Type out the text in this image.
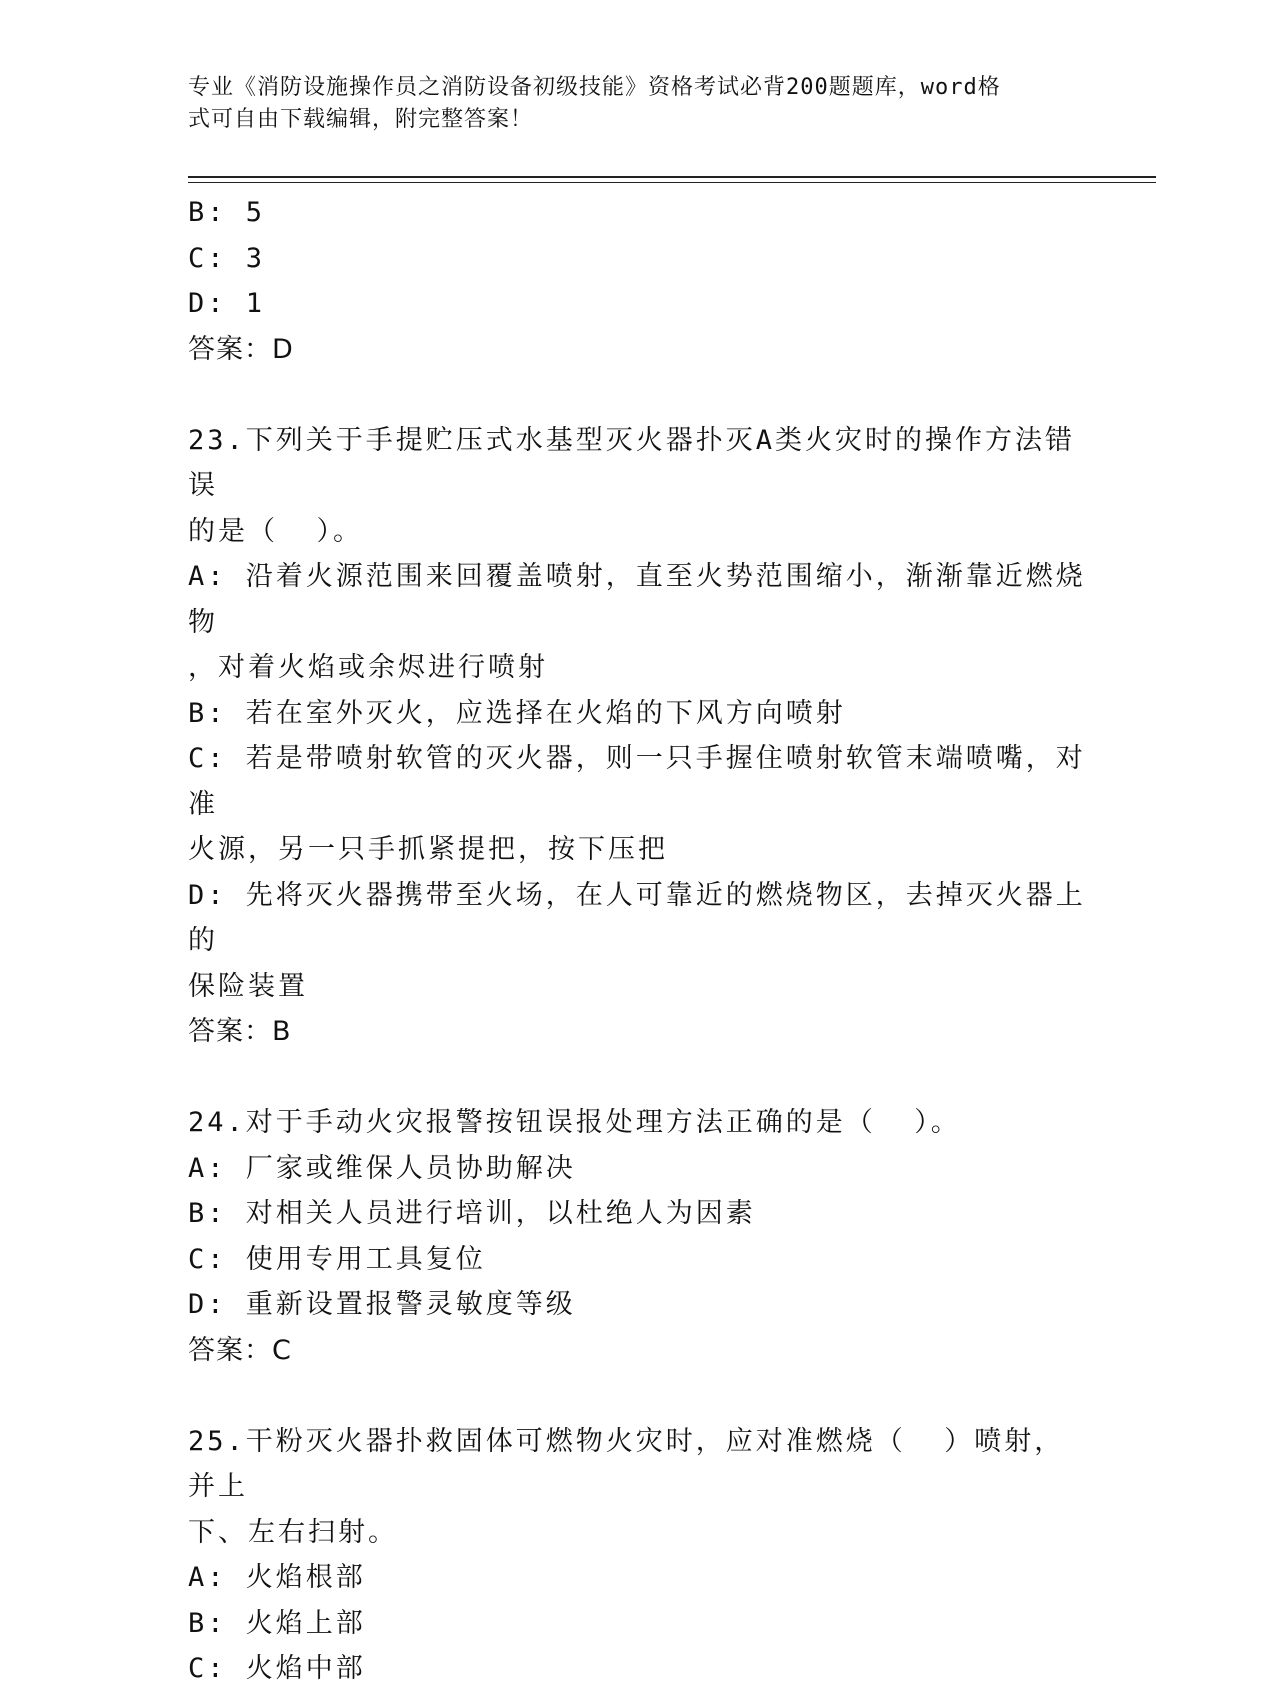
专业《消防设施操作员之消防设备初级技能》资格考试必背200题题库，word格
式可自由下载编辑，附完整答案！
B: 5
C: 3
D: 1
答案：D
23.下列关于手提贮压式水基型灭火器扑灭A类火灾时的操作方法错误
的是（  ）。
A: 沿着火源范围来回覆盖喷射，直至火势范围缩小，渐渐靠近燃烧物
，对着火焰或余烬进行喷射
B: 若在室外灭火，应选择在火焰的下风方向喷射
C: 若是带喷射软管的灭火器，则一只手握住喷射软管末端喷嘴，对准
火源，另一只手抓紧提把，按下压把
D: 先将灭火器携带至火场，在人可靠近的燃烧物区，去掉灭火器上的
保险装置
答案：B
24.对于手动火灾报警按钮误报处理方法正确的是（  ）。
A: 厂家或维保人员协助解决
B: 对相关人员进行培训，以杜绝人为因素
C: 使用专用工具复位
D: 重新设置报警灵敏度等级
答案：C
25.干粉灭火器扑救固体可燃物火灾时，应对准燃烧（  ）喷射，并上
下、左右扫射。
A: 火焰根部
B: 火焰上部
C: 火焰中部
